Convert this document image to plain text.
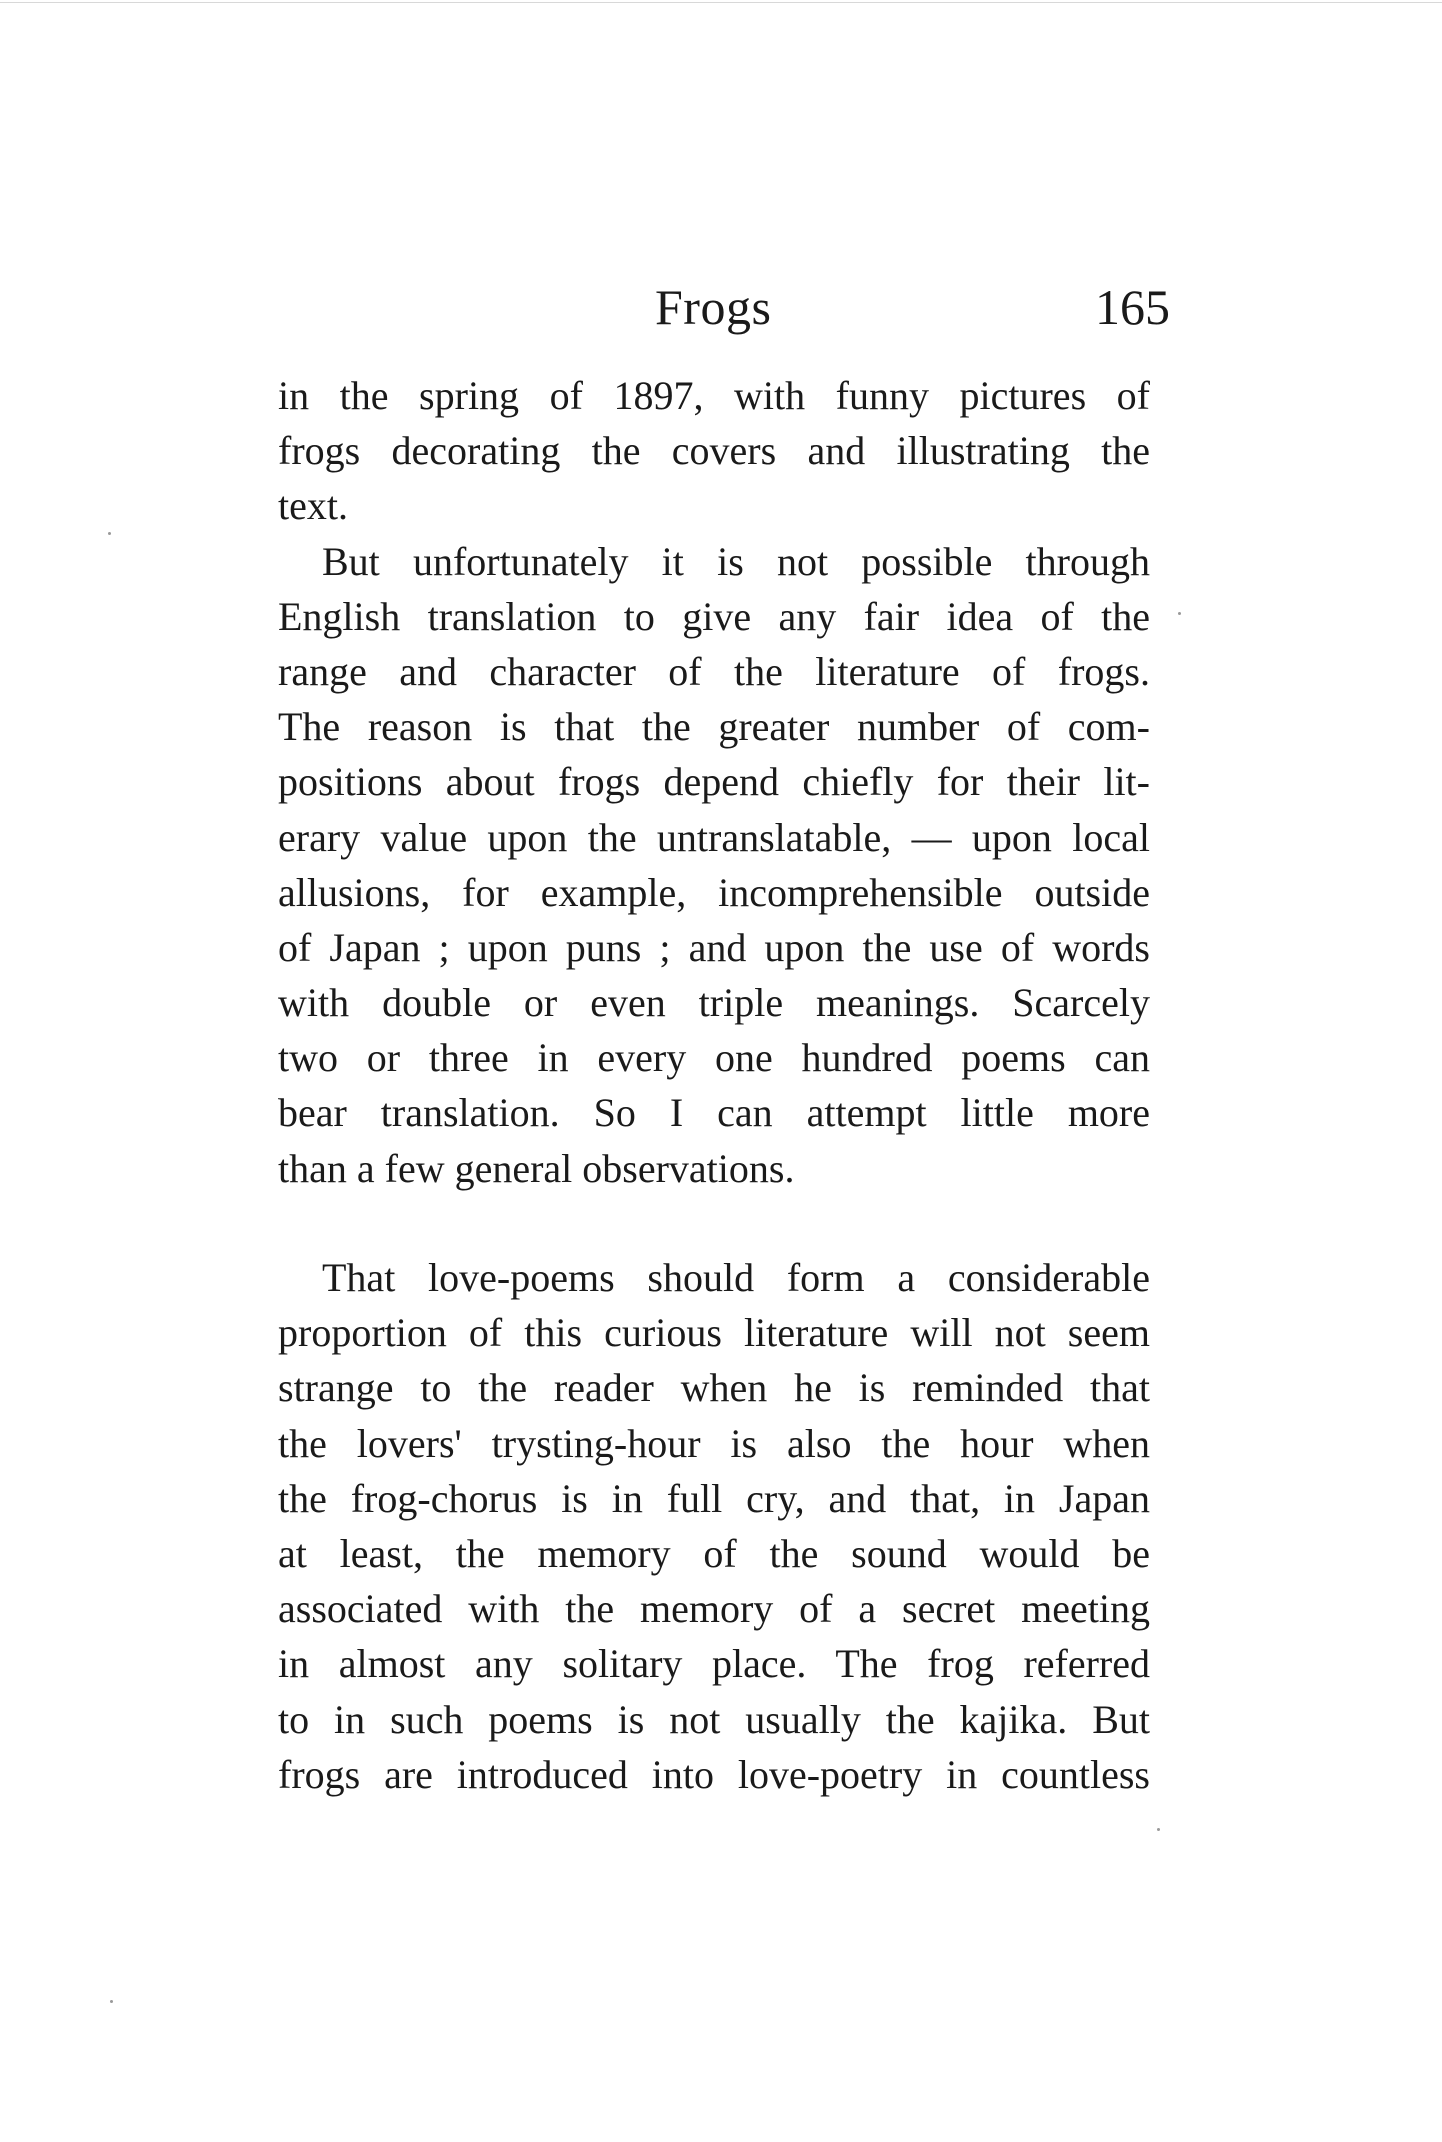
Frogs	165
in the spring of 1897, with funny pictures of
frogs decorating the covers and illustrating the
text.
But unfortunately it is not possible through
English translation to give any fair idea of the
range and character of the literature of frogs.
The reason is that the greater number of com-
positions about frogs depend chiefly for their lit-
erary value upon the untranslatable, — upon local
allusions, for example, incomprehensible outside
of Japan ; upon puns ; and upon the use of words
with double or even triple meanings. Scarcely
two or three in every one hundred poems can
bear translation. So I can attempt little more
than a few general observations.
That love-poems should form a considerable
proportion of this curious literature will not seem
strange to the reader when he is reminded that
the lovers' trysting-hour is also the hour when
the frog-chorus is in full cry, and that, in Japan
at least, the memory of the sound would be
associated with the memory of a secret meeting
in almost any solitary place. The frog referred
to in such poems is not usually the kajika. But
frogs are introduced into love-poetry in countless
